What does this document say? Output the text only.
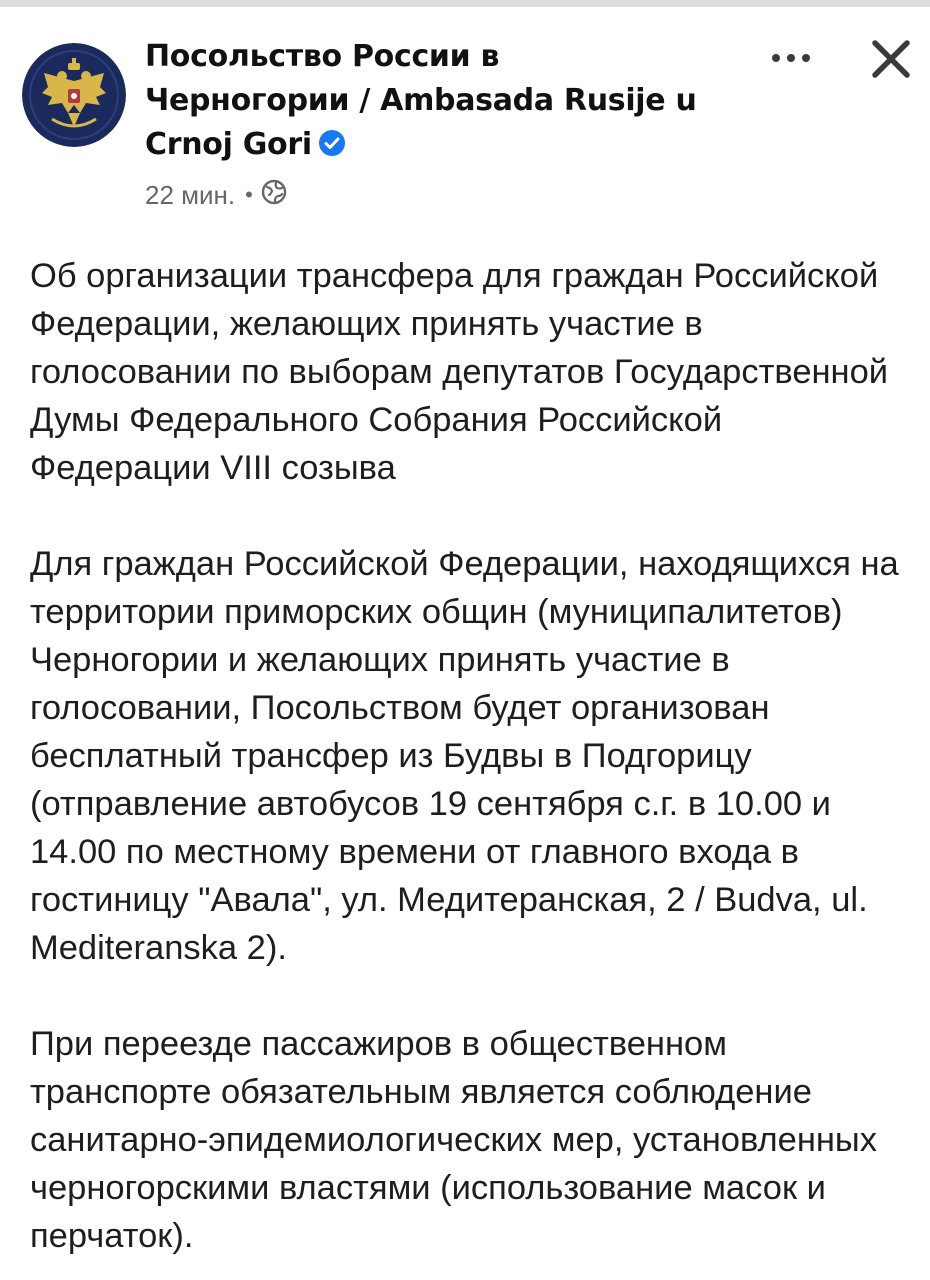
Посольство России в
Черногории / Ambasada Rusije u
Crnoj Gori
22 мин. •

Об организации трансфера для граждан Российской Федерации, желающих принять участие в голосовании по выборам депутатов Государственной Думы Федерального Собрания Российской Федерации VIII созыва

Для граждан Российской Федерации, находящихся на территории приморских общин (муниципалитетов) Черногории и желающих принять участие в голосовании, Посольством будет организован бесплатный трансфер из Будвы в Подгорицу (отправление автобусов 19 сентября с.г. в 10.00 и 14.00 по местному времени от главного входа в гостиницу "Авала", ул. Медитеранская, 2 / Budva, ul. Mediteranska 2).

При переезде пассажиров в общественном транспорте обязательным является соблюдение санитарно-эпидемиологических мер, установленных черногорскими властями (использование масок и перчаток).
